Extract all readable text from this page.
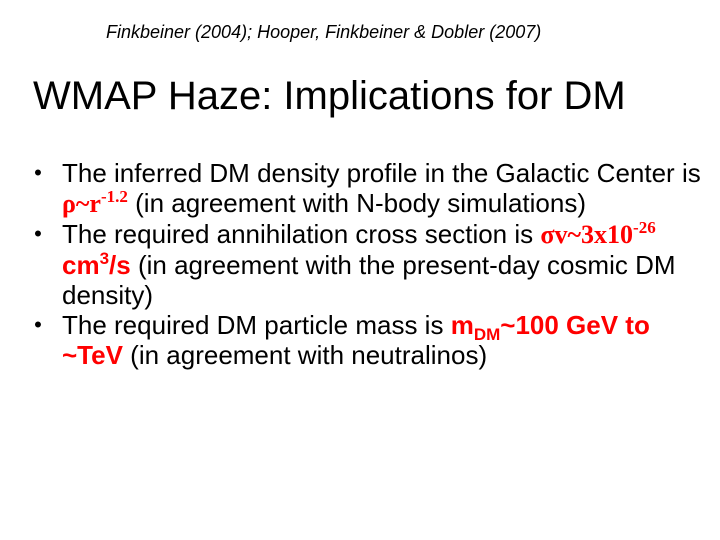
Finkbeiner (2004); Hooper, Finkbeiner & Dobler (2007)
WMAP Haze: Implications for DM
• The inferred DM density profile in the Galactic Center is $\rho\sim r^{-1.2}$ (in agreement with N-body simulations)
• The required annihilation cross section is $\sigma v\sim 3x10^{-26}$ $cm^3/s$ (in agreement with the present-day cosmic DM density)
• The required DM particle mass is $m_{DM}\sim 100$ GeV to ~TeV (in agreement with neutralinos)
